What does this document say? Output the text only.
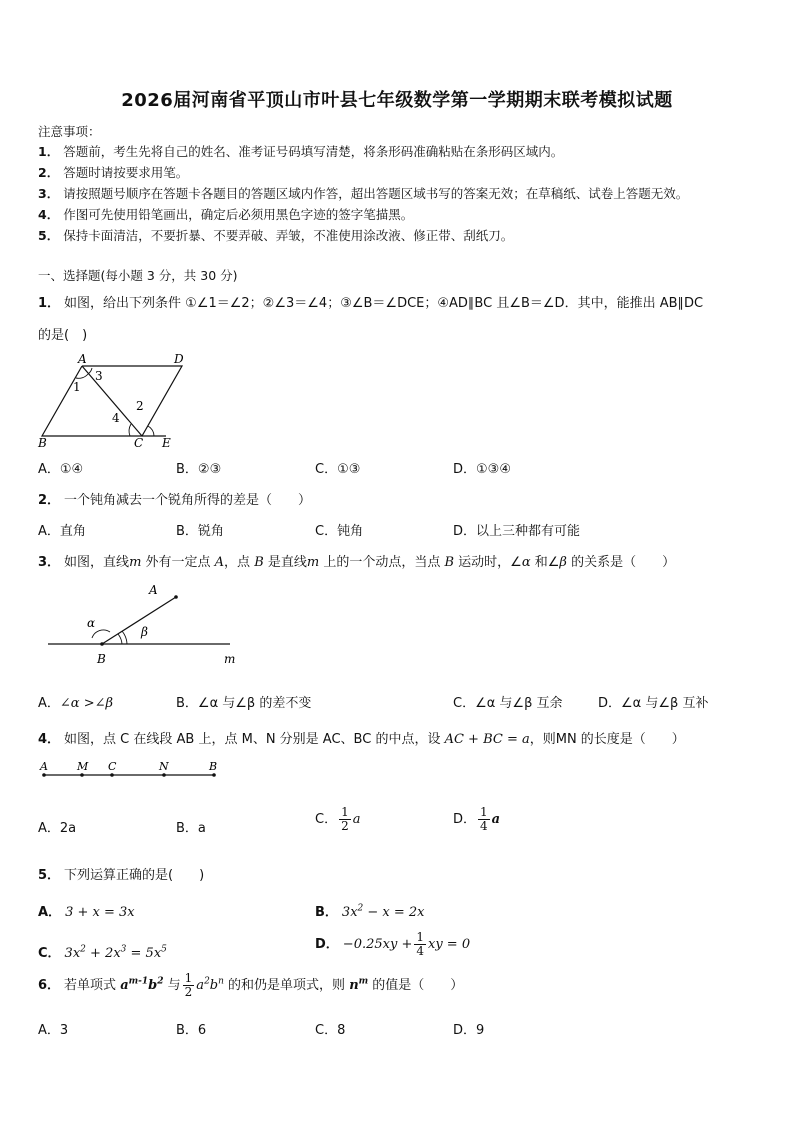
2026届河南省平顶山市叶县七年级数学第一学期期末联考模拟试题
注意事项：
1． 答题前，考生先将自己的姓名、准考证号码填写清楚，将条形码准确粘贴在条形码区域内。
2． 答题时请按要求用笔。
3． 请按照题号顺序在答题卡各题目的答题区域内作答，超出答题区域书写的答案无效；在草稿纸、试卷上答题无效。
4． 作图可先使用铅笔画出，确定后必须用黑色字迹的签字笔描黑。
5． 保持卡面清洁，不要折暴、不要弄破、弄皱，不准使用涂改液、修正带、刮纸刀。
一、选择题(每小题 3 分，共 30 分)
1． 如图，给出下列条件 ①∠1＝∠2；②∠3＝∠4；③∠B＝∠DCE；④AD∥BC 且∠B＝∠D．其中，能推出 AB∥DC
的是(　)
A	D
B	C E
1
2
3
4
A．①④	B．②③	C．①③	D．①③④
2． 一个钝角减去一个锐角所得的差是（　　）
A．直角	B．锐角	C．钝角	D．以上三种都有可能
3． 如图，直线m 外有一定点 A，点 B 是直线m 上的一个动点，当点 B 运动时，∠α 和∠β 的关系是（　　）
A
B	m
α
β
A．∠α >∠β	B．∠α 与∠β 的差不变	C．∠α 与∠β 互余	D．∠α 与∠β 互补
4． 如图，点 C 在线段 AB 上，点 M、N 分别是 AC、BC 的中点，设 AC + BC = a，则MN 的长度是（　　）
A	M C	N	B
A．2a	B．a
C． $\frac{1}{2}$ a	D． $\frac{1}{4}$ a
5． 下列运算正确的是(　　)
A． 3 + x = 3x	B． $3x^2 - x = 2x$
C． $3x^2 + 2x^3 = 5x^5$	D． $-0.25xy + \frac{1}{4}$ xy = 0
6． 若单项式 $a^{m-1}b^2$ 与 $\frac{1}{2} a^2b^n$ 的和仍是单项式，则 $n^m$ 的值是（　　）
A．3	B．6	C．8	D．9
